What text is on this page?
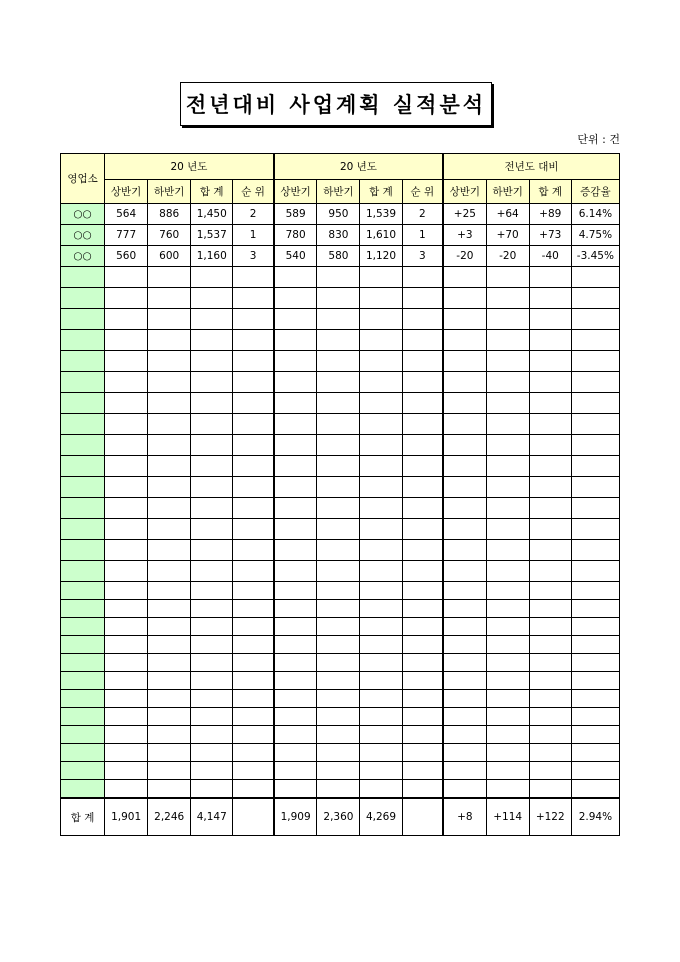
전년대비 사업계획 실적분석
단위 : 건
영업소	20 년도				20 년도				전년도 대비			
	상반기	하반기	합 계	순 위	상반기	하반기	합 계	순 위	상반기	하반기	합 계	증감율
○○	564	886	1,450	2	589	950	1,539	2	+25	+64	+89	6.14%
○○	777	760	1,537	1	780	830	1,610	1	+3	+70	+73	4.75%
○○	560	600	1,160	3	540	580	1,120	3	-20	-20	-40	-3.45%

합 계	1,901	2,246	4,147		1,909	2,360	4,269		+8	+114	+122	2.94%
